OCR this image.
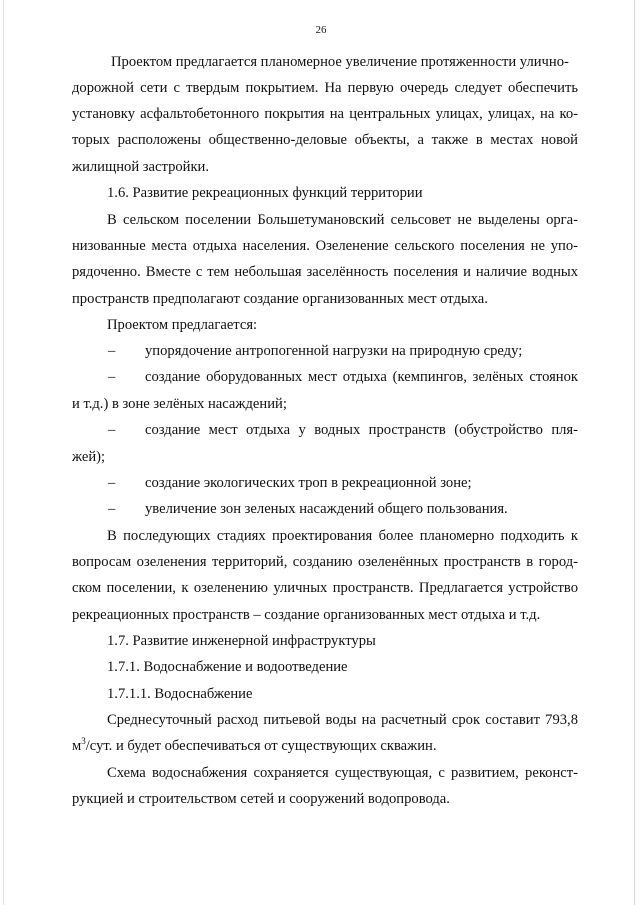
26
Проектом предлагается планомерное увеличение протяженности улично-
дорожной сети с твердым покрытием. На первую очередь следует обеспечить
установку асфальтобетонного покрытия на центральных улицах, улицах, на ко-
торых расположены общественно-деловые объекты, а также в местах новой
жилищной застройки.
1.6. Развитие рекреационных функций территории
В сельском поселении Большетумановский сельсовет не выделены орга-
низованные места отдыха населения. Озеленение сельского поселения не упо-
рядоченно. Вместе с тем небольшая заселённость поселения и наличие водных
пространств предполагают создание организованных мест отдыха.
Проектом предлагается:
– упорядочение антропогенной нагрузки на природную среду;
– создание оборудованных мест отдыха (кемпингов, зелёных стоянок
и т.д.) в зоне зелёных насаждений;
– создание мест отдыха у водных пространств (обустройство пля-
жей);
– создание экологических троп в рекреационной зоне;
– увеличение зон зеленых насаждений общего пользования.
В последующих стадиях проектирования более планомерно подходить к
вопросам озеленения территорий, созданию озеленённых пространств в город-
ском поселении, к озеленению уличных пространств. Предлагается устройство
рекреационных пространств – создание организованных мест отдыха и т.д.
1.7. Развитие инженерной инфраструктуры
1.7.1. Водоснабжение и водоотведение
1.7.1.1. Водоснабжение
Среднесуточный расход питьевой воды на расчетный срок составит 793,8
$м^3$/сут. и будет обеспечиваться от существующих скважин.
Схема водоснабжения сохраняется существующая, с развитием, реконст-
рукцией и строительством сетей и сооружений водопровода.
